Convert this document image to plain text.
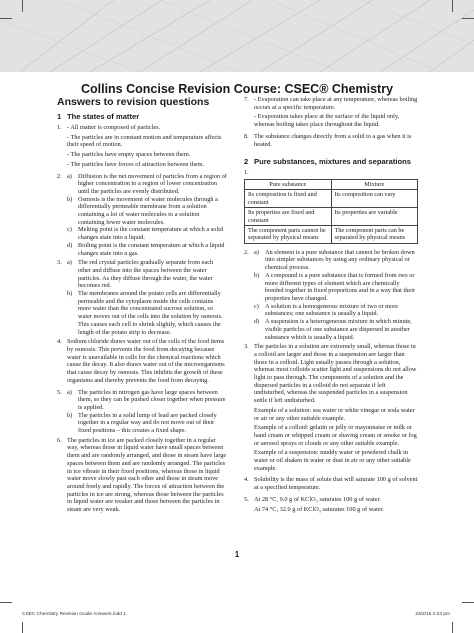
Collins Concise Revision Course: CSEC® Chemistry
Answers to revision questions
1 The states of matter
1. - All matter is composed of particles.
- The particles are in constant motion and temperature affects their speed of motion.
- The particles have empty spaces between them.
- The particles have forces of attraction between them.
2. a) Diffusion is the net movement of particles from a region of higher concentration to a region of lower concentration until the particles are evenly distributed.
b) Osmosis is the movement of water molecules through a differentially permeable membrane from a solution containing a lot of water molecules to a solution containing fewer water molecules.
c) Melting point is the constant temperature at which a solid changes state into a liquid.
d) Boiling point is the constant temperature at which a liquid changes state into a gas.
3. a) The red crystal particles gradually separate from each other and diffuse into the spaces between the water particles. As they diffuse through the water, the water becomes red.
b) The membranes around the potato cells are differentially permeable and the cytoplasm inside the cells contains more water than the concentrated sucrose solution, so water moves out of the cells into the solution by osmosis. This causes each cell to shrink slightly, which causes the length of the potato strip to decrease.
4. Sodium chloride draws water out of the cells of the food items by osmosis. This prevents the food from decaying because water is unavailable in cells for the chemical reactions which cause the decay. It also draws water out of the microorganisms that cause decay by osmosis. This inhibits the growth of these organisms and thereby prevents the food from decaying.
5. a) The particles in nitrogen gas have large spaces between them, so they can be pushed closer together when pressure is applied.
b) The particles in a solid lump of lead are packed closely together in a regular way and do not move out of their fixed positions – this creates a fixed shape.
6. The particles in ice are packed closely together in a regular way, whereas those in liquid water have small spaces between them and are randomly arranged, and those in steam have large spaces between them and are randomly arranged. The particles in ice vibrate in their fixed positions, whereas those in liquid water move slowly past each other and those in steam move around freely and rapidly. The forces of attraction between the particles in ice are strong, whereas those between the particles in liquid water are weaker and those between the particles in steam are very weak.
7. - Evaporation can take place at any temperature, whereas boiling occurs at a specific temperature.
- Evaporation takes place at the surface of the liquid only, whereas boiling takes place throughout the liquid.
8. The substance changes directly from a solid to a gas when it is heated.
2 Pure substances, mixtures and separations
1.
Pure substance	Mixture
Its composition is fixed and constant	Its composition can vary
Its properties are fixed and constant	Its properties are variable
The component parts cannot be separated by physical means	The component parts can be separated by physical means
2. a) An element is a pure substance that cannot be broken down into simpler substances by using any ordinary physical or chemical process.
b) A compound is a pure substance that is formed from two or more different types of element which are chemically bonded together in fixed proportions and in a way that their properties have changed.
c) A solution is a homogeneous mixture of two or more substances; one substance is usually a liquid.
d) A suspension is a heterogeneous mixture in which minute, visible particles of one substance are dispersed in another substance which is usually a liquid.
3. The particles in a solution are extremely small, whereas those in a colloid are larger and those in a suspension are larger than those in a colloid. Light usually passes through a solution, whereas most colloids scatter light and suspensions do not allow light to pass through. The components of a solution and the dispersed particles in a colloid do not separate if left undisturbed, whereas the suspended particles in a suspension settle if left undisturbed.
Example of a solution: sea water or white vinegar or soda water or air or any other suitable example.
Example of a colloid: gelatin or jelly or mayonnaise or milk or hand cream or whipped cream or shaving cream or smoke or fog or aerosol sprays or clouds or any other suitable example.
Example of a suspension: muddy water or powdered chalk in water or oil shaken in water or dust in air or any other suitable example.
4. Solubility is the mass of solute that will saturate 100 g of solvent at a specified temperature.
5. At 28 °C, 9.0 g of KClO₃ saturates 100 g of water.
At 74 °C, 32.0 g of KClO₃ saturates 100 g of water.
1
CSEC Chemistry Revision Guide Answers.indd 1	23/2/16 2:23 pm
